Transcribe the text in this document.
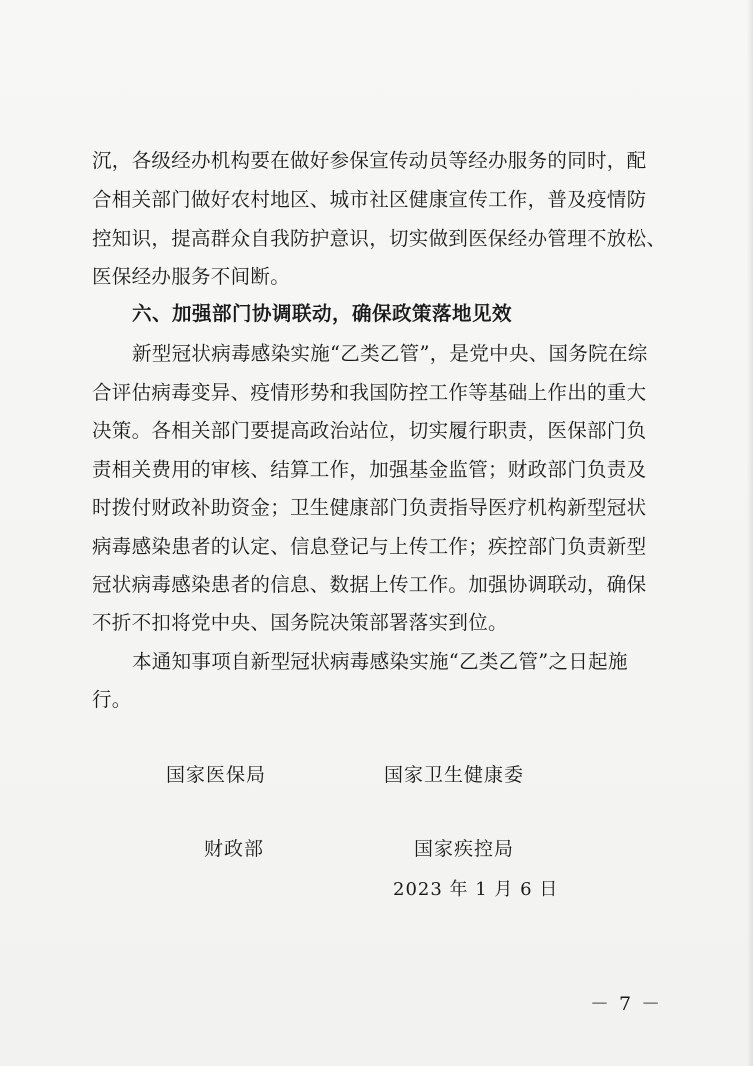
沉，各级经办机构要在做好参保宣传动员等经办服务的同时，配
合相关部门做好农村地区、城市社区健康宣传工作，普及疫情防
控知识，提高群众自我防护意识，切实做到医保经办管理不放松、
医保经办服务不间断。
六、加强部门协调联动，确保政策落地见效
新型冠状病毒感染实施“乙类乙管”，是党中央、国务院在综
合评估病毒变异、疫情形势和我国防控工作等基础上作出的重大
决策。各相关部门要提高政治站位，切实履行职责，医保部门负
责相关费用的审核、结算工作，加强基金监管；财政部门负责及
时拨付财政补助资金；卫生健康部门负责指导医疗机构新型冠状
病毒感染患者的认定、信息登记与上传工作；疾控部门负责新型
冠状病毒感染患者的信息、数据上传工作。加强协调联动，确保
不折不扣将党中央、国务院决策部署落实到位。
本通知事项自新型冠状病毒感染实施“乙类乙管”之日起施
行。
国家医保局	国家卫生健康委
财政部	国家疾控局
2023 年 1 月 6 日
－ 7 －
